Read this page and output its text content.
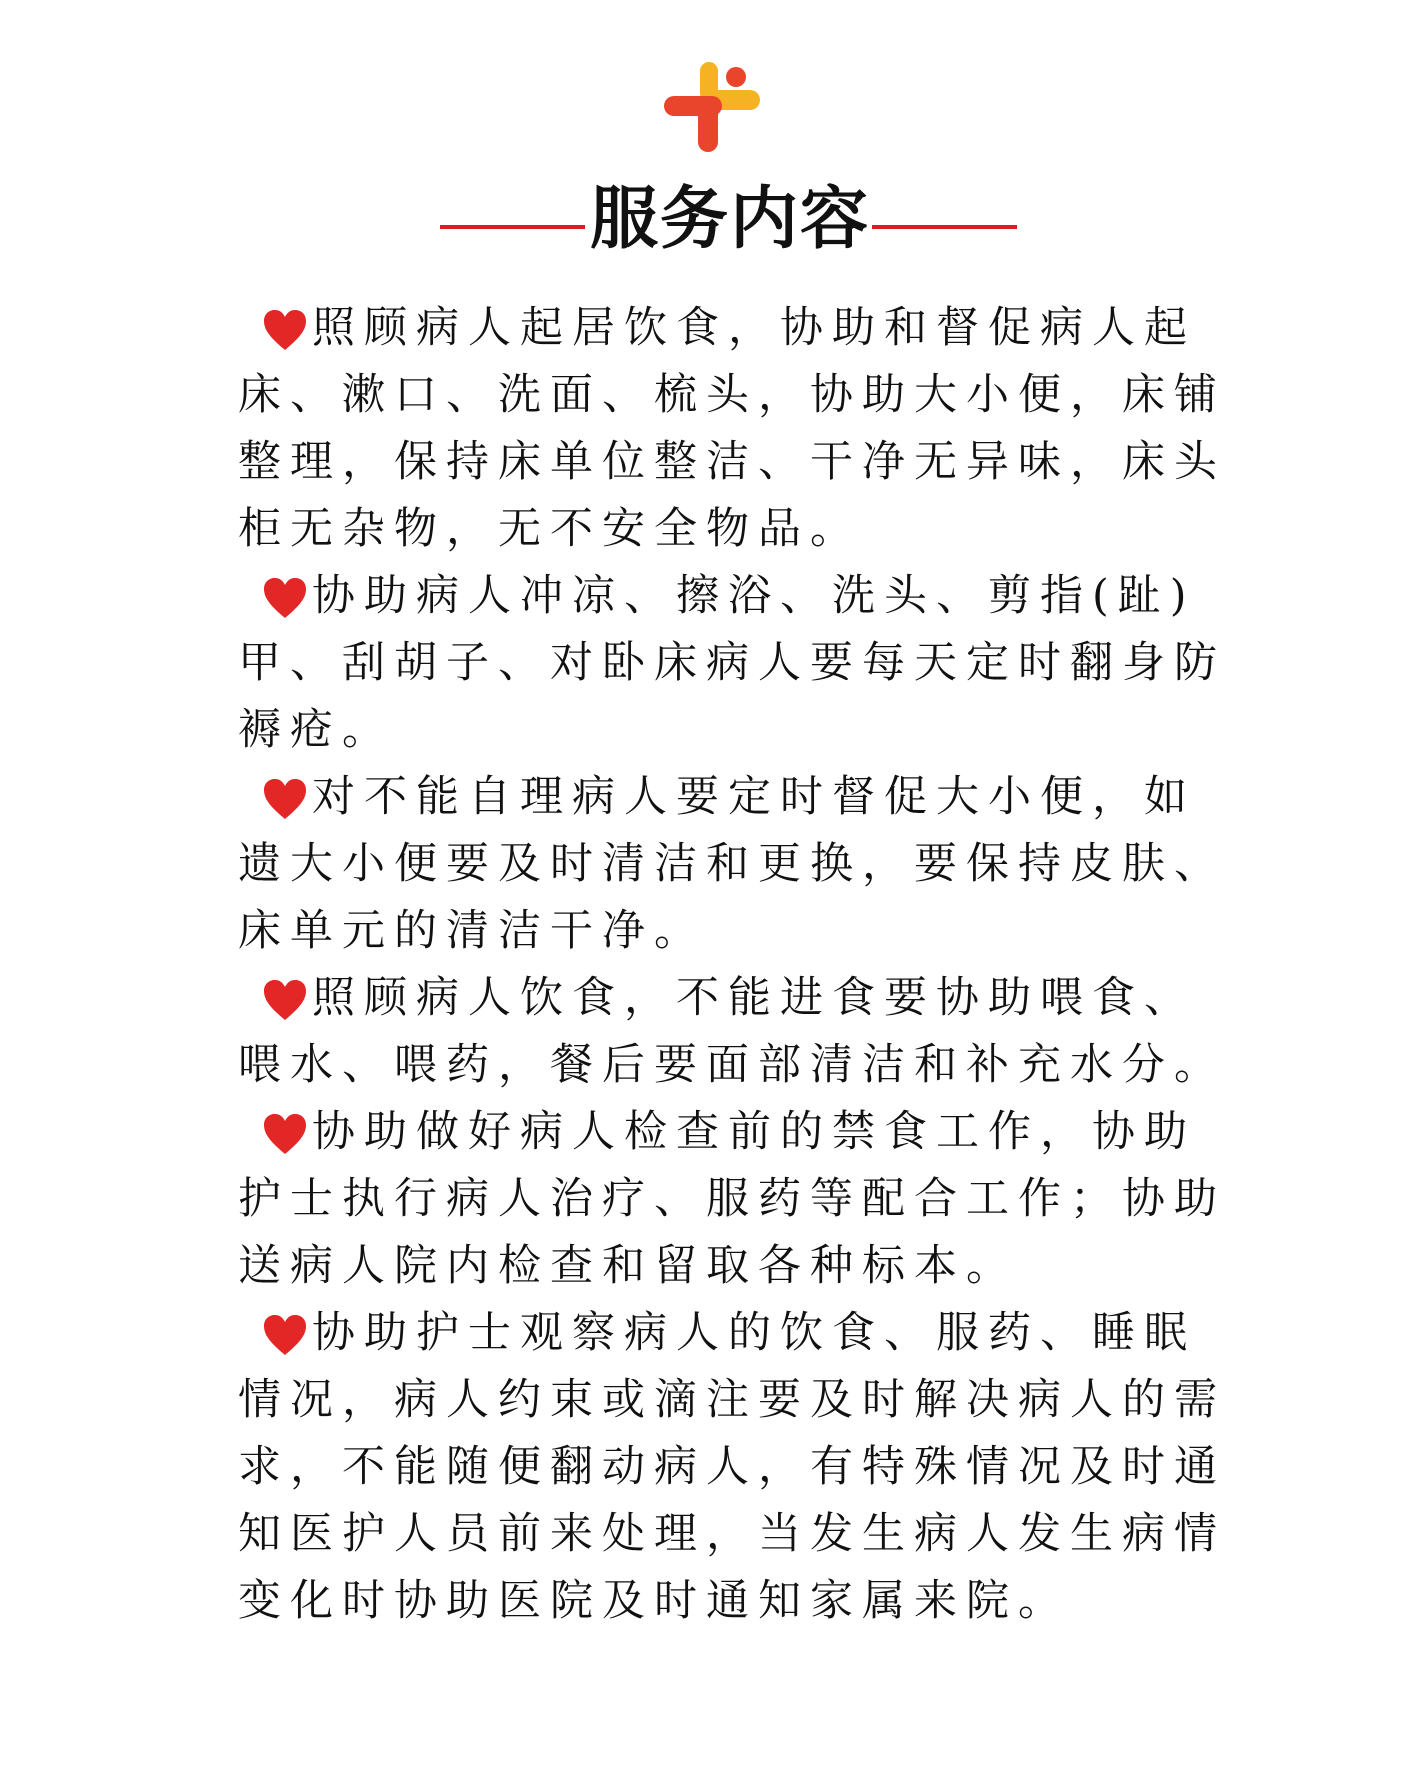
服务内容

照顾病人起居饮食，协助和督促病人起床、漱口、洗面、梳头，协助大小便，床铺整理，保持床单位整洁、干净无异味，床头柜无杂物，无不安全物品。

协助病人冲凉、擦浴、洗头、剪指(趾)甲、刮胡子、对卧床病人要每天定时翻身防褥疮。

对不能自理病人要定时督促大小便，如遗大小便要及时清洁和更换，要保持皮肤、床单元的清洁干净。

照顾病人饮食，不能进食要协助喂食、喂水、喂药，餐后要面部清洁和补充水分。

协助做好病人检查前的禁食工作，协助护士执行病人治疗、服药等配合工作；协助送病人院内检查和留取各种标本。

协助护士观察病人的饮食、服药、睡眠情况，病人约束或滴注要及时解决病人的需求，不能随便翻动病人，有特殊情况及时通知医护人员前来处理，当发生病人发生病情变化时协助医院及时通知家属来院。
